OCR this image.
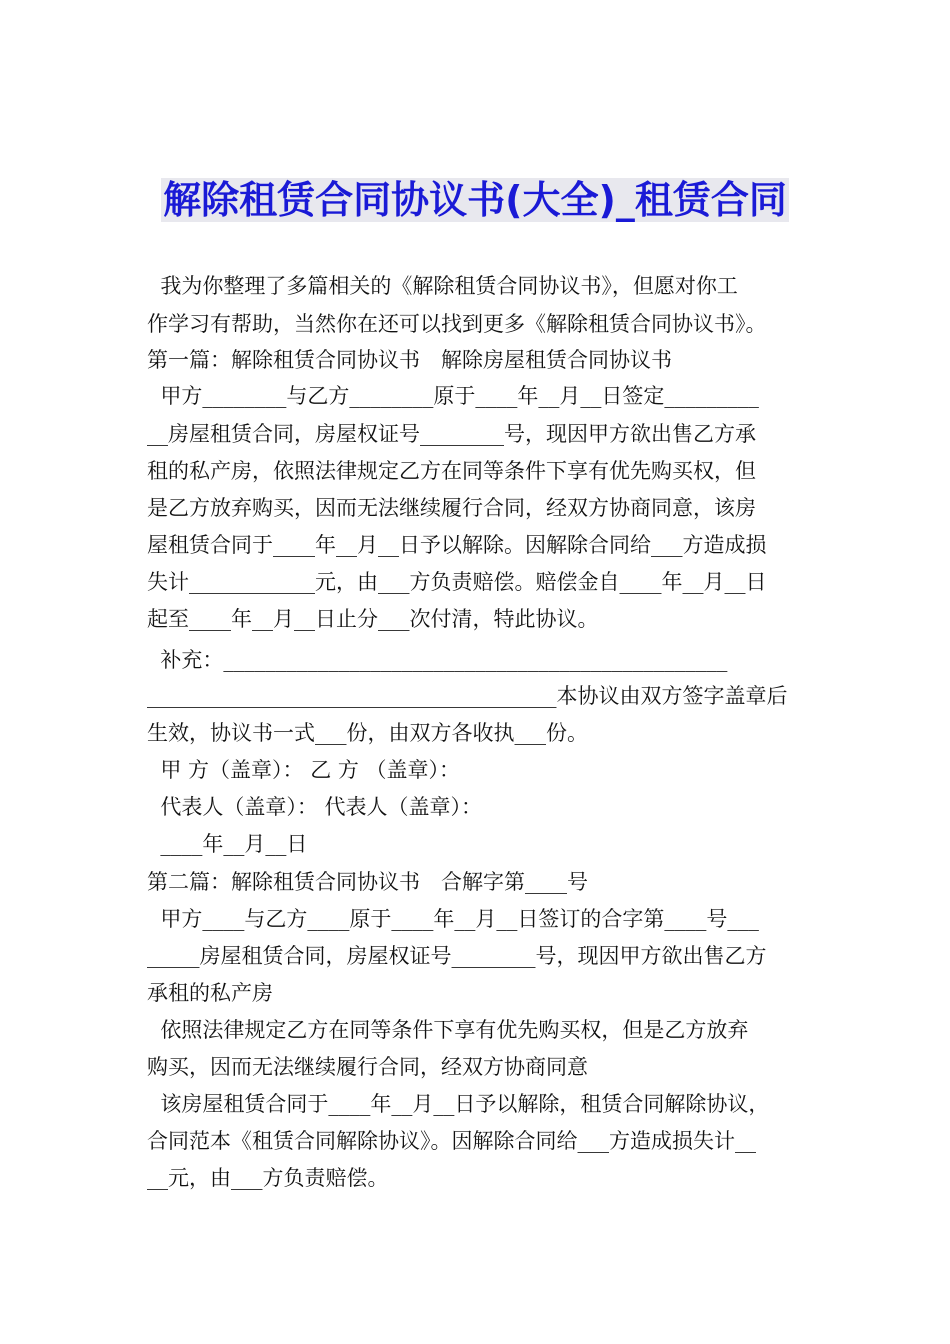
解除租赁合同协议书(大全)_租赁合同
我为你整理了多篇相关的《解除租赁合同协议书》，但愿对你工
作学习有帮助，当然你在还可以找到更多《解除租赁合同协议书》。
第一篇：解除租赁合同协议书　解除房屋租赁合同协议书
甲方________与乙方________原于____年__月__日签定_________
__房屋租赁合同，房屋权证号________号，现因甲方欲出售乙方承
租的私产房，依照法律规定乙方在同等条件下享有优先购买权，但
是乙方放弃购买，因而无法继续履行合同，经双方协商同意，该房
屋租赁合同于____年__月__日予以解除。因解除合同给___方造成损
失计____________元，由___方负责赔偿。赔偿金自____年__月__日
起至____年__月__日止分___次付清，特此协议。
补充：________________________________________________
_______________________________________本协议由双方签字盖章后
生效，协议书一式___份，由双方各收执___份。
甲 方（盖章）： 乙 方 （盖章）：
代表人（盖章）： 代表人（盖章）：
____年__月__日
第二篇：解除租赁合同协议书　合解字第____号
甲方____与乙方____原于____年__月__日签订的合字第____号___
_____房屋租赁合同，房屋权证号________号，现因甲方欲出售乙方
承租的私产房
依照法律规定乙方在同等条件下享有优先购买权，但是乙方放弃
购买，因而无法继续履行合同，经双方协商同意
该房屋租赁合同于____年__月__日予以解除，租赁合同解除协议，
合同范本《租赁合同解除协议》。因解除合同给___方造成损失计__
__元，由___方负责赔偿。
